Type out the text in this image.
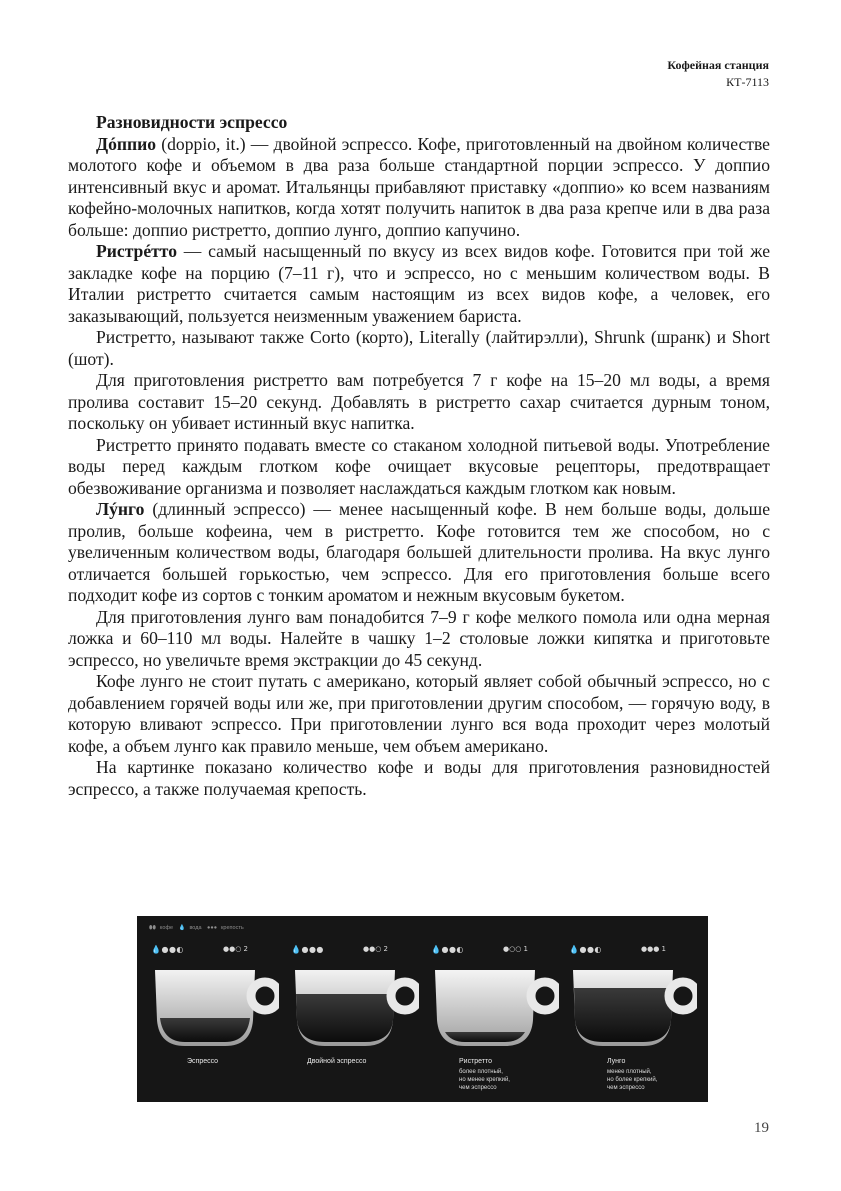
Кофейная станция
КТ-7113

Разновидности эспрессо

Дóппио (doppio, it.) — двойной эспрессо. Кофе, приготовленный на двойном количестве молотого кофе и объемом в два раза больше стандартной порции эспрессо. У доппио интенсивный вкус и аромат. Итальянцы прибавляют приставку «доппио» ко всем названиям кофейно-молочных напитков, когда хотят получить напиток в два раза крепче или в два раза больше: доппио ристретто, доппио лунго, доппио капучино.

Ристрéтто — самый насыщенный по вкусу из всех видов кофе. Готовится при той же закладке кофе на порцию (7–11 г), что и эспрессо, но с меньшим количеством воды. В Италии ристретто считается самым настоящим из всех видов кофе, а человек, его заказывающий, пользуется неизменным уважением бариста.

Ристретто, называют также Corto (корто), Literally (лайтирэлли), Shrunk (шранк) и Short (шот).

Для приготовления ристретто вам потребуется 7 г кофе на 15–20 мл воды, а время пролива составит 15–20 секунд. Добавлять в ристретто сахар считается дурным тоном, поскольку он убивает истинный вкус напитка.

Ристретто принято подавать вместе со стаканом холодной питьевой воды. Употребление воды перед каждым глотком кофе очищает вкусовые рецепторы, предотвращает обезвоживание организма и позволяет наслаждаться каждым глотком как новым.

Лýнго (длинный эспрессо) — менее насыщенный кофе. В нем больше воды, дольше пролив, больше кофеина, чем в ристретто. Кофе готовится тем же способом, но с увеличенным количеством воды, благодаря большей длительности пролива. На вкус лунго отличается большей горькостью, чем эспрессо. Для его приготовления больше всего подходит кофе из сортов с тонким ароматом и нежным вкусовым букетом.

Для приготовления лунго вам понадобится 7–9 г кофе мелкого помола или одна мерная ложка и 60–110 мл воды. Налейте в чашку 1–2 столовые ложки кипятка и приготовьте эспрессо, но увеличьте время экстракции до 45 секунд.

Кофе лунго не стоит путать с американо, который являет собой обычный эспрессо, но с добавлением горячей воды или же, при приготовлении другим способом, — горячую воду, в которую вливают эспрессо. При приготовлении лунго вся вода проходит через молотый кофе, а объем лунго как правило меньше, чем объем американо.

На картинке показано количество кофе и воды для приготовления разновидностей эспрессо, а также получаемая крепость.

⬮⬮ кофе 💧 вода ●●● крепость
💧●●◐	●●○ 2
Эспрессо
💧●●●	●●○ 2
Двойной эспрессо
💧●●◐	●○○ 1
Ристретто
более плотный,
но менее крепкий,
чем эспрессо
💧●●◐	●●● 1
Лунго
менее плотный,
но более крепкий,
чем эспрессо
19
